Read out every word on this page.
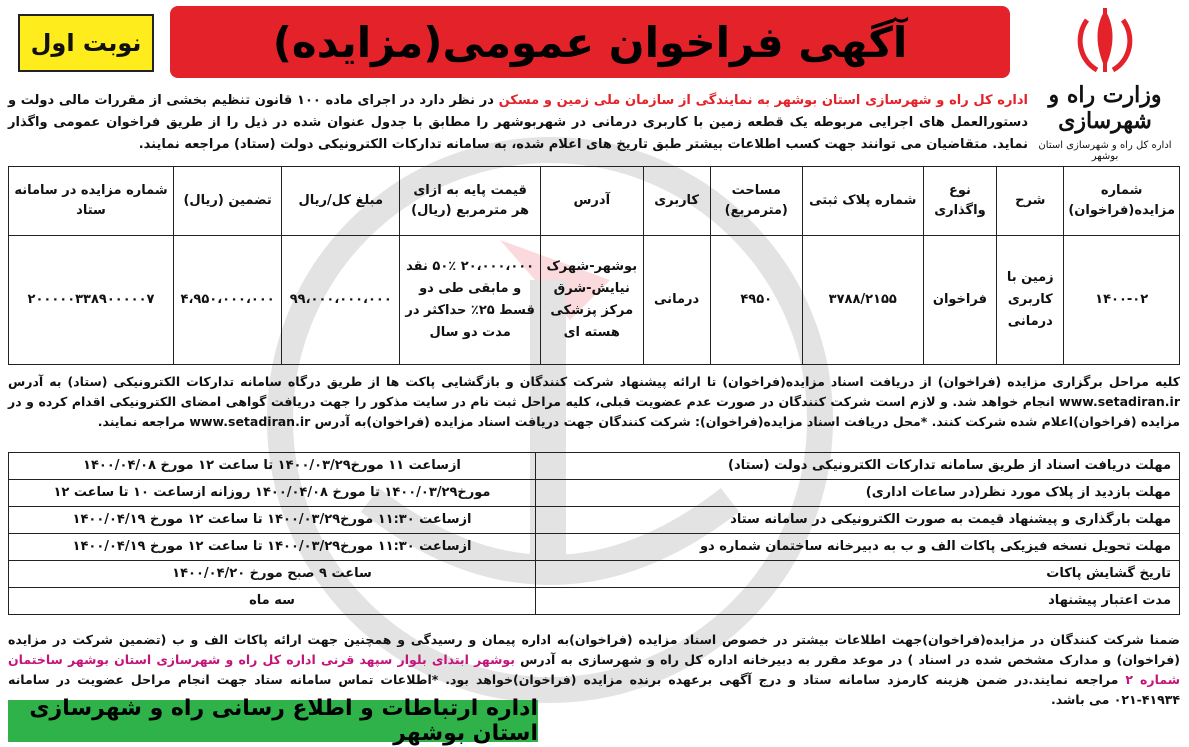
آگهی فراخوان عمومی(مزایده)
نوبت اول
وزارت راه و شهرسازی
اداره کل راه و شهرسازی استان بوشهر
اداره کل راه و شهرسازی استان بوشهر به نمایندگی از سازمان ملی زمین و مسکن در نظر دارد در اجرای ماده ۱۰۰ قانون تنظیم بخشی از مقررات مالی دولت و دستورالعمل های اجرایی مربوطه یک قطعه زمین با کاربری درمانی در شهربوشهر را مطابق با جدول عنوان شده در ذیل را از طریق فراخوان عمومی واگذار نماید. متقاضیان می توانند جهت کسب اطلاعات بیشتر طبق تاریخ های اعلام شده، به سامانه تدارکات الکترونیکی دولت (ستاد) مراجعه نمایند.
شماره مزایده(فراخوان)	شرح	نوع واگذاری	شماره پلاک ثبتی	مساحت (مترمربع)	کاربری	آدرس	قیمت پایه به ازای هر مترمربع (ریال)	مبلغ کل/ریال	تضمین (ریال)	شماره مزایده در سامانه ستاد
۱۴۰۰-۰۲	زمین با کاربری درمانی	فراخوان	۳۷۸۸/۲۱۵۵	۴۹۵۰	درمانی	بوشهر-شهرک نیایش-شرق مرکز پزشکی هسته ای	۲۰،۰۰۰،۰۰۰ ۵۰٪ نقد و مابقی طی دو قسط ۲۵٪ حداکثر در مدت دو سال	۹۹،۰۰۰،۰۰۰،۰۰۰	۴،۹۵۰،۰۰۰،۰۰۰	۲۰۰۰۰۰۳۳۸۹۰۰۰۰۰۷
کلیه مراحل برگزاری مزایده (فراخوان) از دریافت اسناد مزایده(فراخوان) تا ارائه پیشنهاد شرکت کنندگان و بازگشایی پاکت ها از طریق درگاه سامانه تدارکات الکترونیکی (ستاد) به آدرس www.setadiran.ir انجام خواهد شد. و لازم است شرکت کنندگان در صورت عدم عضویت قبلی، کلیه مراحل ثبت نام در سایت مذکور را جهت دریافت گواهی امضای الکترونیکی اقدام کرده و در مزایده (فراخوان)اعلام شده شرکت کنند. *محل دریافت اسناد مزایده(فراخوان): شرکت کنندگان جهت دریافت اسناد مزایده (فراخوان)به آدرس www.setadiran.ir مراجعه نمایند.
مهلت دریافت اسناد از طریق سامانه تدارکات الکترونیکی دولت (ستاد)	ازساعت ۱۱ مورخ۱۴۰۰/۰۳/۲۹ تا ساعت ۱۲ مورخ ۱۴۰۰/۰۴/۰۸
مهلت بازدید از پلاک مورد نظر(در ساعات اداری)	مورخ۱۴۰۰/۰۳/۲۹ تا مورخ ۱۴۰۰/۰۴/۰۸ روزانه ازساعت ۱۰ تا ساعت ۱۲
مهلت بارگذاری و پیشنهاد قیمت به صورت الکترونیکی در سامانه ستاد	ازساعت ۱۱:۳۰ مورخ۱۴۰۰/۰۳/۲۹ تا ساعت ۱۲ مورخ ۱۴۰۰/۰۴/۱۹
مهلت تحویل نسخه فیزیکی پاکات الف و ب به دبیرخانه ساختمان شماره دو	ازساعت ۱۱:۳۰ مورخ۱۴۰۰/۰۳/۲۹ تا ساعت ۱۲ مورخ ۱۴۰۰/۰۴/۱۹
تاریخ گشایش پاکات	ساعت ۹ صبح مورخ ۱۴۰۰/۰۴/۲۰
مدت اعتبار پیشنهاد	سه ماه
ضمنا شرکت کنندگان در مزایده(فراخوان)جهت اطلاعات بیشتر در خصوص اسناد مزایده (فراخوان)به اداره پیمان و رسیدگی و همچنین جهت ارائه پاکات الف و ب (تضمین شرکت در مزایده (فراخوان) و مدارک مشخص شده در اسناد ) در موعد مقرر به دبیرخانه اداره کل راه و شهرسازی به آدرس بوشهر ابتدای بلوار سپهد قرنی اداره کل راه و شهرسازی استان بوشهر ساختمان شماره ۲ مراجعه نمایند.در ضمن هزینه کارمزد سامانه ستاد و درج آگهی برعهده برنده مزایده (فراخوان)خواهد بود. *اطلاعات تماس سامانه ستاد جهت انجام مراحل عضویت در سامانه ۴۱۹۳۴-۰۲۱ می باشد.
اداره ارتباطات و اطلاع رسانی راه و شهرسازی استان بوشهر
